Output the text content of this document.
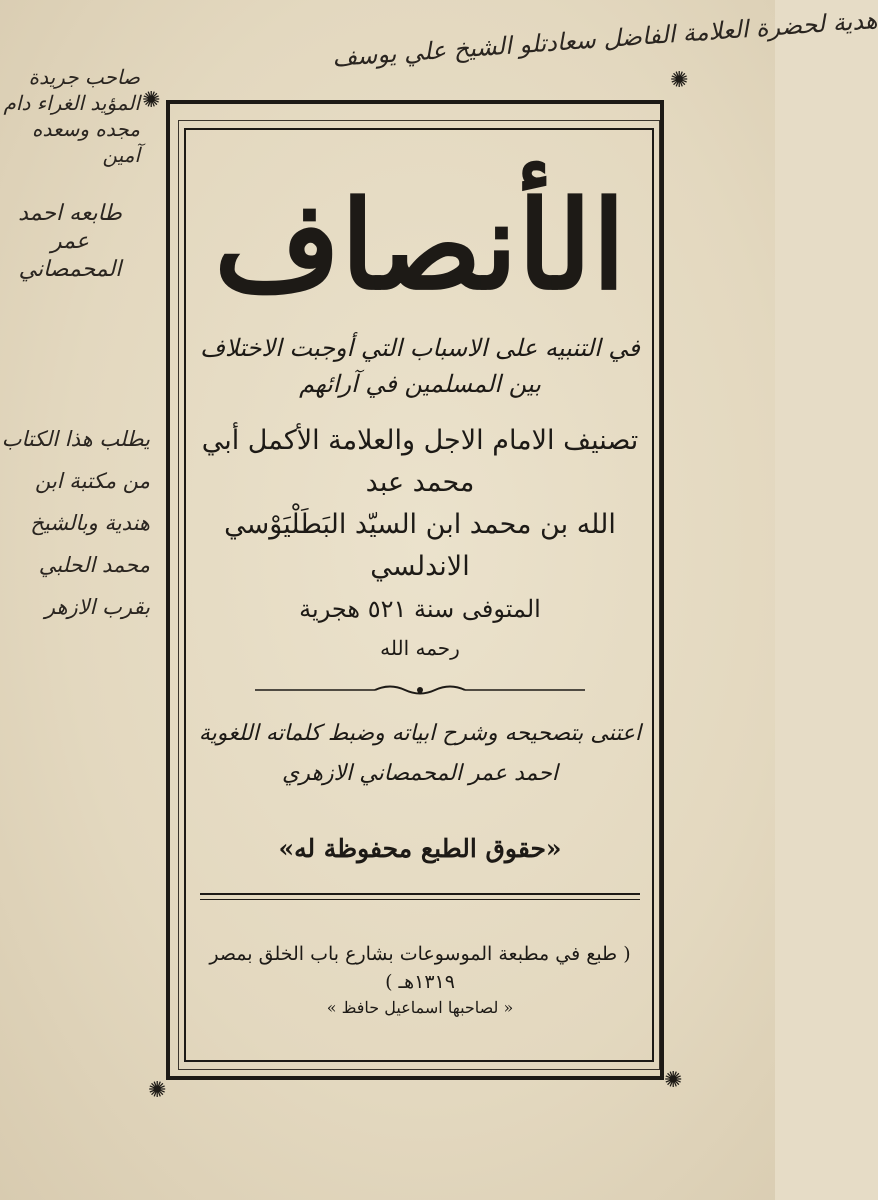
هدية لحضرة العلامة الفاضل سعادتلو الشيخ علي يوسف
صاحب جريدة المؤيد الغراء دام مجده وسعده آمين
طابعه احمد عمر المحمصاني
يطلب هذا الكتاب من مكتبة ابن هندية وبالشيخ محمد الحلبي بقرب الازهر
✺
✺
✺	✺
الأنصاف
في التنبيه على الاسباب التي أوجبت الاختلاف
بين المسلمين في آرائهم
تصنيف الامام الاجل والعلامة الأكمل أبي محمد عبد
الله بن محمد ابن السيّد البَطَلْيَوْسي الاندلسي
المتوفى سنة ٥٢١ هجرية
رحمه الله
اعتنى بتصحيحه وشرح ابياته وضبط كلماته اللغوية
احمد عمر المحمصاني الازهري
«حقوق الطبع محفوظة له»
( طبع في مطبعة الموسوعات بشارع باب الخلق بمصر ١٣١٩هـ )
« لصاحبها اسماعيل حافظ »
